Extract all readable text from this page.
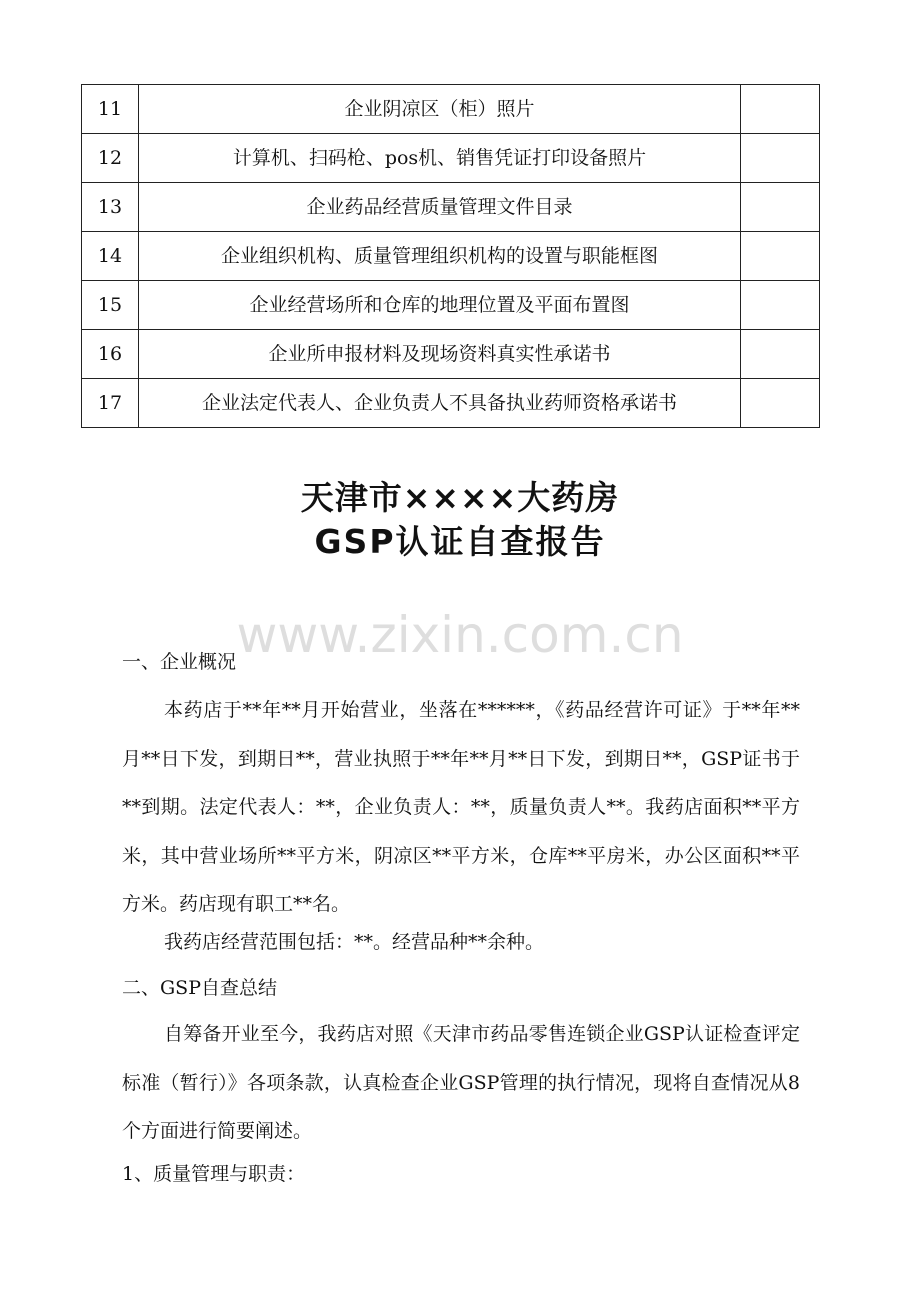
11	企业阴凉区（柜）照片	
12	计算机、扫码枪、pos机、销售凭证打印设备照片	
13	企业药品经营质量管理文件目录	
14	企业组织机构、质量管理组织机构的设置与职能框图	
15	企业经营场所和仓库的地理位置及平面布置图	
16	企业所申报材料及现场资料真实性承诺书	
17	企业法定代表人、企业负责人不具备执业药师资格承诺书	
天津市××××大药房
GSP认证自查报告
www.zixin.com.cn

一、企业概况

本药店于**年**月开始营业，坐落在******，《药品经营许可证》于**年**月**日下发，到期日**，营业执照于**年**月**日下发，到期日**，GSP证书于**到期。法定代表人：**，企业负责人：**，质量负责人**。我药店面积**平方米，其中营业场所**平方米，阴凉区**平方米，仓库**平房米，办公区面积**平方米。药店现有职工**名。

我药店经营范围包括：**。经营品种**余种。

二、GSP自查总结

自筹备开业至今，我药店对照《天津市药品零售连锁企业GSP认证检查评定标准（暂行）》各项条款，认真检查企业GSP管理的执行情况，现将自查情况从8个方面进行简要阐述。

1、质量管理与职责：
